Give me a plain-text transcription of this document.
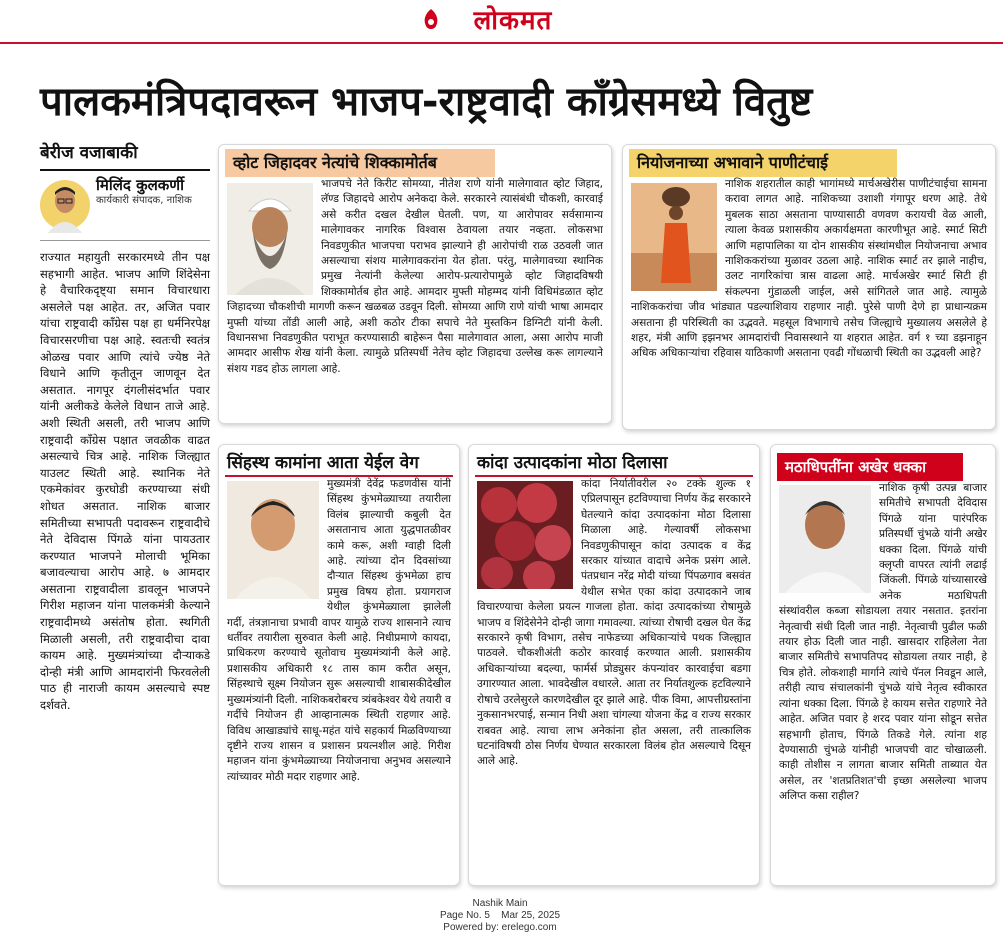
लोकमत
पालकमंत्रिपदावरून भाजप-राष्ट्रवादी काँग्रेसमध्ये वितुष्ट
बेरीज वजाबाकी
मिलिंद कुलकर्णी
कार्यकारी संपादक, नाशिक
राज्यात महायुती सरकारमध्ये तीन पक्ष सहभागी आहेत. भाजप आणि शिंदेसेना हे वैचारिकदृष्ट्या समान विचारधारा असलेले पक्ष आहेत. तर, अजित पवार यांचा राष्ट्रवादी काँग्रेस पक्ष हा धर्मनिरपेक्ष विचारसरणीचा पक्ष आहे. स्वतःची स्वतंत्र ओळख पवार आणि त्यांचे ज्येष्ठ नेते विधाने आणि कृतीतून जाणवून देत असतात. नागपूर दंगलीसंदर्भात पवार यांनी अलीकडे केलेले विधान ताजे आहे. अशी स्थिती असली, तरी भाजप आणि राष्ट्रवादी काँग्रेस पक्षात जवळीक वाढत असल्याचे चित्र आहे. नाशिक जिल्ह्यात याउलट स्थिती आहे. स्थानिक नेते एकमेकांवर कुरघोडी करण्याच्या संधी शोधत असतात. नाशिक बाजार समितीच्या सभापती पदावरून राष्ट्रवादीचे नेते देविदास पिंगळे यांना पायउतार करण्यात भाजपने मोलाची भूमिका बजावल्याचा आरोप आहे. ७ आमदार असताना राष्ट्रवादीला डावलून भाजपने गिरीश महाजन यांना पालकमंत्री केल्याने राष्ट्रवादीमध्ये असंतोष होता. स्थगिती मिळाली असली, तरी राष्ट्रवादीचा दावा कायम आहे. मुख्यमंत्र्यांच्या दौऱ्याकडे दोन्ही मंत्री आणि आमदारांनी फिरवलेली पाठ ही नाराजी कायम असल्याचे स्पष्ट दर्शवते.
व्होट जिहादवर नेत्यांचे शिक्कामोर्तब
भाजपचे नेते किरीट सोमय्या, नीतेश राणे यांनी मालेगावात व्होट जिहाद, लॅण्ड जिहादचे आरोप अनेकदा केले. सरकारने त्यासंबंधी चौकशी, कारवाई असे करीत दखल देखील घेतली. पण, या आरोपावर सर्वसामान्य मालेगावकर नागरिक विश्वास ठेवायला तयार नव्हता. लोकसभा निवडणुकीत भाजपचा पराभव झाल्याने ही आरोपांची राळ उठवली जात असल्याचा संशय मालेगावकरांना येत होता. परंतु, मालेगावच्या स्थानिक प्रमुख नेत्यांनी केलेल्या आरोप-प्रत्यारोपामुळे व्होट जिहादविषयी शिक्कामोर्तब होत आहे. आमदार मुफ्ती मोहम्मद यांनी विधिमंडळात व्होट जिहादच्या चौकशीची मागणी करून खळबळ उडवून दिली. सोमय्या आणि राणे यांची भाषा आमदार मुफ्ती यांच्या तोंडी आली आहे, अशी कठोर टीका सपाचे नेते मुस्तकिन डिग्निटी यांनी केली. विधानसभा निवडणुकीत पराभूत करण्यासाठी बाहेरून पैसा मालेगावात आला, असा आरोप माजी आमदार आसीफ शेख यांनी केला. त्यामुळे प्रतिस्पर्धी नेतेच व्होट जिहादचा उल्लेख करू लागल्याने संशय गडद होऊ लागला आहे.
नियोजनाच्या अभावाने पाणीटंचाई
नाशिक शहरातील काही भागांमध्ये मार्चअखेरीस पाणीटंचाईचा सामना करावा लागत आहे. नाशिकच्या उशाशी गंगापूर धरण आहे. तेथे मुबलक साठा असताना पाण्यासाठी वणवण करायची वेळ आली, त्याला केवळ प्रशासकीय अकार्यक्षमता कारणीभूत आहे. स्मार्ट सिटी आणि महापालिका या दोन शासकीय संस्थांमधील नियोजनाचा अभाव नाशिककरांच्या मुळावर उठला आहे. नाशिक स्मार्ट तर झाले नाहीच, उलट नागरिकांचा त्रास वाढला आहे. मार्चअखेर स्मार्ट सिटी ही संकल्पना गुंडाळली जाईल, असे सांगितले जात आहे. त्यामुळे नाशिककरांचा जीव भांड्यात पडल्याशिवाय राहणार नाही. पुरेसे पाणी देणे हा प्राधान्यक्रम असताना ही परिस्थिती का उद्भवते. महसूल विभागाचे तसेच जिल्ह्याचे मुख्यालय असलेले हे शहर, मंत्री आणि इझनभर आमदारांची निवासस्थाने या शहरात आहेत. वर्ग १ च्या डझनाहून अधिक अधिकाऱ्यांचा रहिवास याठिकाणी असताना एवढी गोंधळाची स्थिती का उद्भवली आहे?
सिंहस्थ कामांना आता येईल वेग
मुख्यमंत्री देवेंद्र फडणवीस यांनी सिंहस्थ कुंभमेळ्याच्या तयारीला विलंब झाल्याची कबुली देत असतानाच आता युद्धपातळीवर कामे करू, अशी ग्वाही दिली आहे. त्यांच्या दोन दिवसांच्या दौऱ्यात सिंहस्थ कुंभमेळा हाच प्रमुख विषय होता. प्रयागराज येथील कुंभमेळ्याला झालेली गर्दी, तंत्रज्ञानाचा प्रभावी वापर यामुळे राज्य शासनाने त्याच धर्तीवर तयारीला सुरुवात केली आहे. निधीप्रमाणे कायदा, प्राधिकरण करण्याचे सूतोवाच मुख्यमंत्र्यांनी केले आहे. प्रशासकीय अधिकारी १८ तास काम करीत असून, सिंहस्थाचे सूक्ष्म नियोजन सुरू असल्याची शाबासकीदेखील मुख्यमंत्र्यांनी दिली. नाशिकबरोबरच त्र्यंबकेश्वर येथे तयारी व गर्दीचे नियोजन ही आव्हानात्मक स्थिती राहणार आहे. विविध आखाड्यांचे साधू-महंत यांचे सहकार्य मिळविण्याच्या दृष्टीने राज्य शासन व प्रशासन प्रयत्नशील आहे. गिरीश महाजन यांना कुंभमेळ्याच्या नियोजनाचा अनुभव असल्याने त्यांच्यावर मोठी मदार राहणार आहे.
कांदा उत्पादकांना मोठा दिलासा
कांदा निर्यातीवरील २० टक्के शुल्क १ एप्रिलपासून हटविण्याचा निर्णय केंद्र सरकारने घेतल्याने कांदा उत्पादकांना मोठा दिलासा मिळाला आहे. गेल्यावर्षी लोकसभा निवडणुकीपासून कांदा उत्पादक व केंद्र सरकार यांच्यात वादाचे अनेक प्रसंग आले. पंतप्रधान नरेंद्र मोदी यांच्या पिंपळगाव बसवंत येथील सभेत एका कांदा उत्पादकाने जाब विचारण्याचा केलेला प्रयत्न गाजला होता. कांदा उत्पादकांच्या रोषामुळे भाजप व शिंदेसेनेने दोन्ही जागा गमावल्या. त्यांच्या रोषाची दखल घेत केंद्र सरकारने कृषी विभाग, तसेच नाफेडच्या अधिकाऱ्यांचे पथक जिल्ह्यात पाठवले. चौकशीअंती कठोर कारवाई करण्यात आली. प्रशासकीय अधिकाऱ्यांच्या बदल्या, फार्मर्स प्रोड्युसर कंपन्यांवर कारवाईचा बडगा उगारण्यात आला. भावदेखील वधारले. आता तर निर्यातशुल्क हटविल्याने रोषाचे उरलेसुरले कारणदेखील दूर झाले आहे. पीक विमा, आपत्तीग्रस्तांना नुकसानभरपाई, सन्मान निधी अशा चांगल्या योजना केंद्र व राज्य सरकार राबवत आहे. त्याचा लाभ अनेकांना होत असला, तरी तात्कालिक घटनांविषयी ठोस निर्णय घेण्यात सरकारला विलंब होत असल्याचे दिसून आले आहे.
मठाधिपतींना अखेर धक्का
नाशिक कृषी उत्पन्न बाजार समितीचे सभापती देविदास पिंगळे यांना पारंपरिक प्रतिस्पर्धी चुंभळे यांनी अखेर धक्का दिला. पिंगळे यांची क्लृप्ती वापरत त्यांनी लढाई जिंकली. पिंगळे यांच्यासारखे अनेक मठाधिपती संस्थांवरील कब्जा सोडायला तयार नसतात. इतरांना नेतृत्वाची संधी दिली जात नाही. नेतृत्वाची पुढील फळी तयार होऊ दिली जात नाही. खासदार राहिलेला नेता बाजार समितीचे सभापतिपद सोडायला तयार नाही, हे चित्र होते. लोकशाही मार्गाने त्यांचे पॅनल निवडून आले, तरीही त्याच संचालकांनी चुंभळे यांचे नेतृत्व स्वीकारत त्यांना धक्का दिला. पिंगळे हे कायम सत्तेत राहणारे नेते आहेत. अजित पवार हे शरद पवार यांना सोडून सत्तेत सहभागी होताच, पिंगळे तिकडे गेले. त्यांना शह देण्यासाठी चुंभळे यांनीही भाजपची वाट चोखाळली. काही तोशीस न लागता बाजार समिती ताब्यात येत असेल, तर 'शतप्रतिशत'ची इच्छा असलेल्या भाजप अलिप्त कसा राहील?
Nashik Main
Page No. 5 Mar 25, 2025
Powered by: erelego.com
